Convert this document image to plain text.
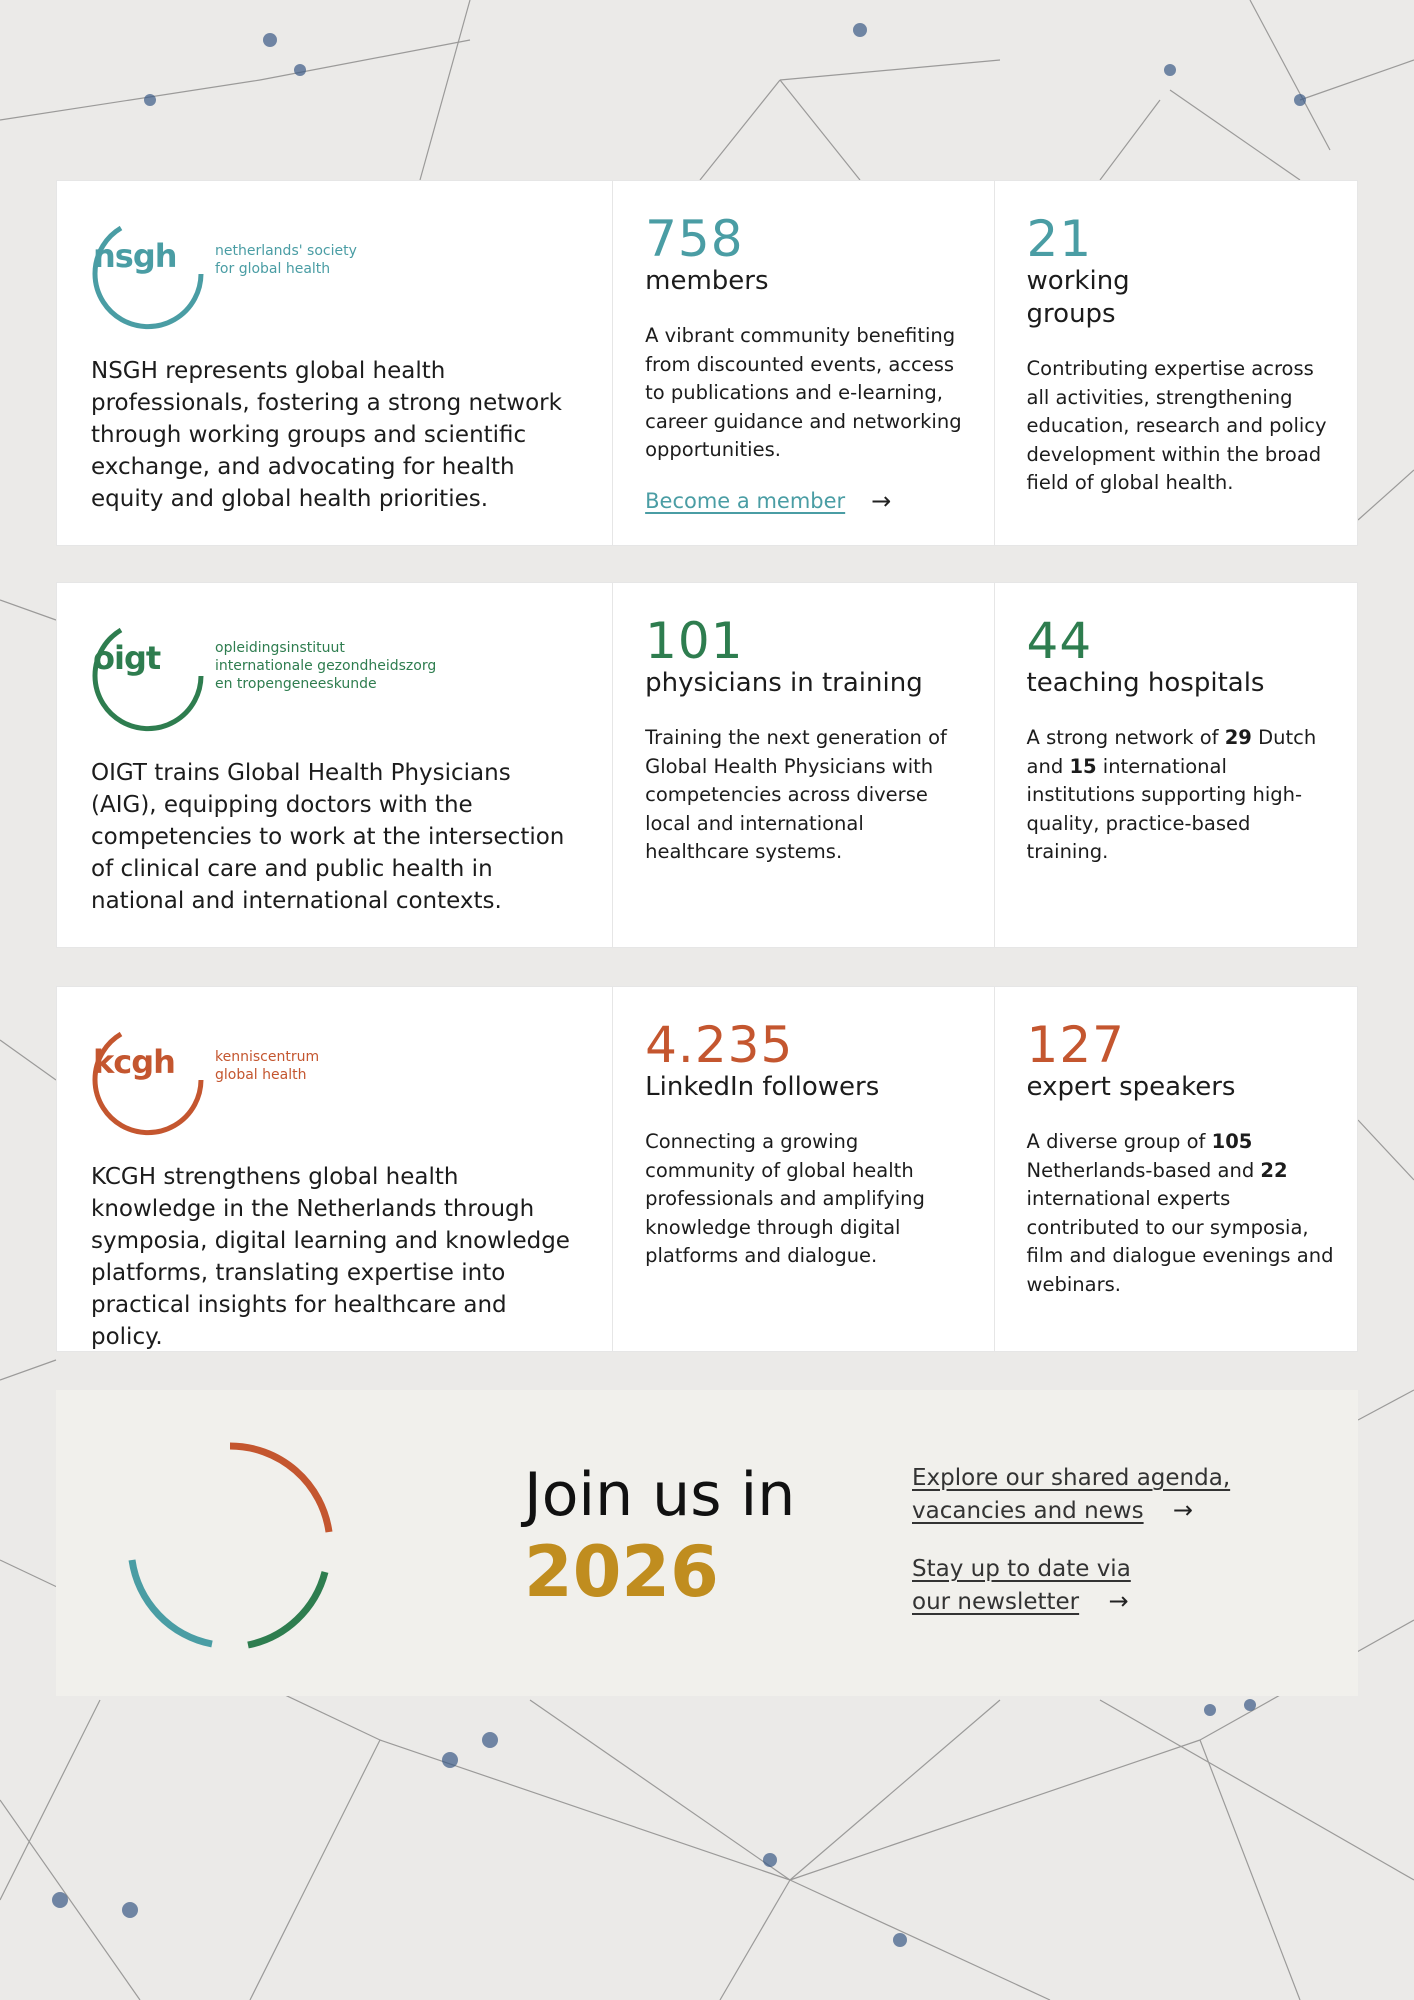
nsgh	netherlands' society
for global health
NSGH represents global health professionals, fostering a strong network through working groups and scientific exchange, and advocating for health equity and global health priorities.
758
members
A vibrant community benefiting from discounted events, access to publications and e-learning, career guidance and networking opportunities.
Become a member →
21
working groups
Contributing expertise across all activities, strengthening education, research and policy development within the broad field of global health.
oigt	opleidingsinstituut
internationale gezondheidszorg
en tropengeneeskunde
OIGT trains Global Health Physicians (AIG), equipping doctors with the competencies to work at the intersection of clinical care and public health in national and international contexts.
101
physicians in training
Training the next generation of Global Health Physicians with competencies across diverse local and international healthcare systems.
44
teaching hospitals
A strong network of 29 Dutch and 15 international institutions supporting high-quality, practice-based training.
kcgh	kenniscentrum
global health
KCGH strengthens global health knowledge in the Netherlands through symposia, digital learning and knowledge platforms, translating expertise into practical insights for healthcare and policy.
4.235
LinkedIn followers
Connecting a growing community of global health professionals and amplifying knowledge through digital platforms and dialogue.
127
expert speakers
A diverse group of 105 Netherlands-based and 22 international experts contributed to our symposia, film and dialogue evenings and webinars.
Join us in
2026
Explore our shared agenda,
vacancies and news →
Stay up to date via
our newsletter →
